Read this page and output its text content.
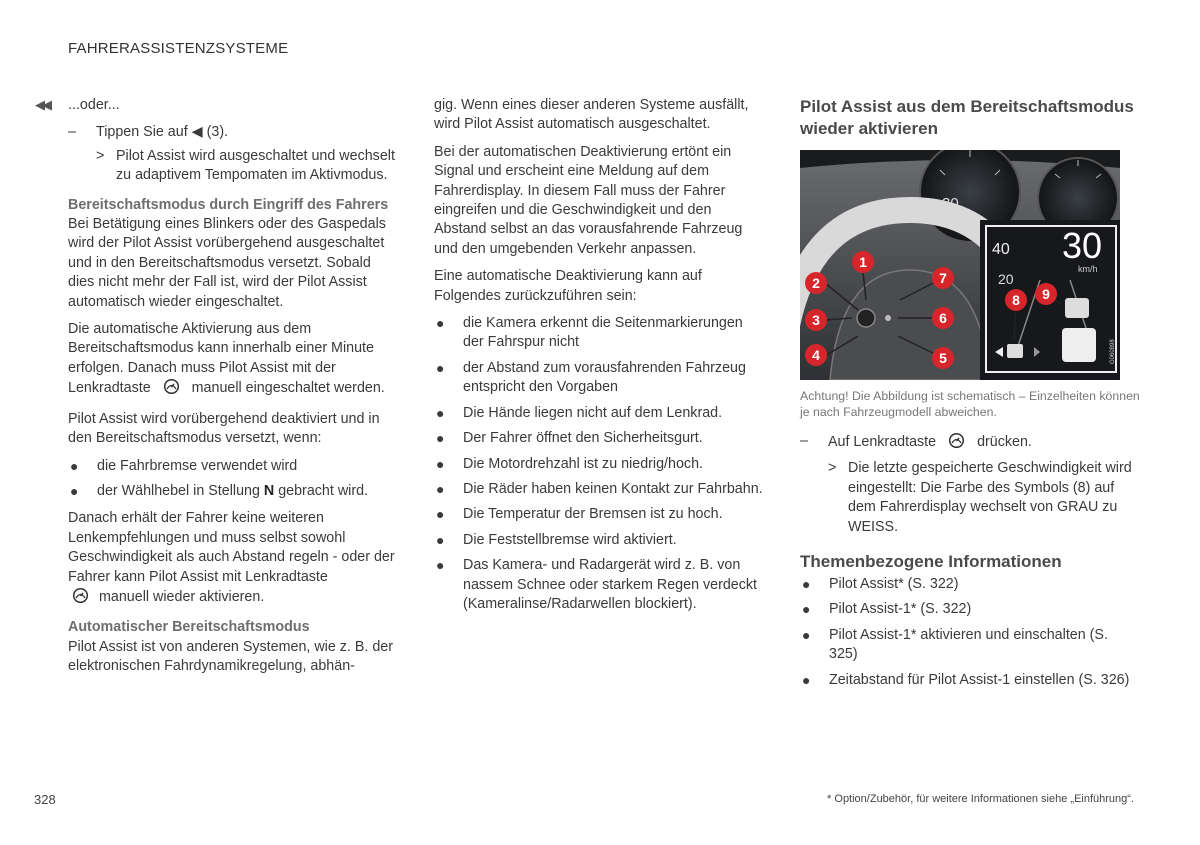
FAHRERASSISTENZSYSTEME
◀◀ ...oder...

– Tippen Sie auf ◀ (3).
> Pilot Assist wird ausgeschaltet und wechselt zu adaptivem Tempomaten im Aktivmodus.
Bereitschaftsmodus durch Eingriff des Fahrers

Bei Betätigung eines Blinkers oder des Gaspedals wird der Pilot Assist vorübergehend ausgeschaltet und in den Bereitschaftsmodus versetzt. Sobald dies nicht mehr der Fall ist, wird der Pilot Assist automatisch wieder eingeschaltet.

Die automatische Aktivierung aus dem Bereitschaftsmodus kann innerhalb einer Minute erfolgen. Danach muss Pilot Assist mit der Lenkradtaste	manuell eingeschaltet werden.

Pilot Assist wird vorübergehend deaktiviert und in den Bereitschaftsmodus versetzt, wenn:

● die Fahrbremse verwendet wird
● der Wählhebel in Stellung N gebracht wird.

Danach erhält der Fahrer keine weiteren Lenkempfehlungen und muss selbst sowohl Geschwindigkeit als auch Abstand regeln - oder der Fahrer kann Pilot Assist mit Lenkradtaste
manuell wieder aktivieren.

Automatischer Bereitschaftsmodus

Pilot Assist ist von anderen Systemen, wie z. B. der elektronischen Fahrdynamikregelung, abhän-

gig. Wenn eines dieser anderen Systeme ausfällt, wird Pilot Assist automatisch ausgeschaltet.

Bei der automatischen Deaktivierung ertönt ein Signal und erscheint eine Meldung auf dem Fahrerdisplay. In diesem Fall muss der Fahrer eingreifen und die Geschwindigkeit und den Abstand selbst an das vorausfahrende Fahrzeug und den umgebenden Verkehr anpassen.

Eine automatische Deaktivierung kann auf Folgendes zurückzuführen sein:

● die Kamera erkennt die Seitenmarkierungen der Fahrspur nicht
● der Abstand zum vorausfahrenden Fahrzeug entspricht den Vorgaben
● Die Hände liegen nicht auf dem Lenkrad.
● Der Fahrer öffnet den Sicherheitsgurt.
● Die Motordrehzahl ist zu niedrig/hoch.
● Die Räder haben keinen Kontakt zur Fahrbahn.
● Die Temperatur der Bremsen ist zu hoch.
● Die Feststellbremse wird aktiviert.
● Das Kamera- und Radargerät wird z. B. von nassem Schnee oder starkem Regen verdeckt (Kameralinse/Radarwellen blockiert).
Pilot Assist aus dem Bereitschaftsmodus wieder aktivieren
30
40 30
km/h
20
G060898
1
2
3
4	5
6
7
8 9
Achtung! Die Abbildung ist schematisch – Einzelheiten können je nach Fahrzeugmodell abweichen.
– Auf Lenkradtaste	drücken.
> Die letzte gespeicherte Geschwindigkeit wird eingestellt: Die Farbe des Symbols (8) auf dem Fahrerdisplay wechselt von GRAU zu WEISS.
Themenbezogene Informationen
● Pilot Assist* (S. 322)
● Pilot Assist-1* (S. 322)
● Pilot Assist-1* aktivieren und einschalten (S. 325)
● Zeitabstand für Pilot Assist-1 einstellen (S. 326)
328	* Option/Zubehör, für weitere Informationen siehe „Einführung“.
